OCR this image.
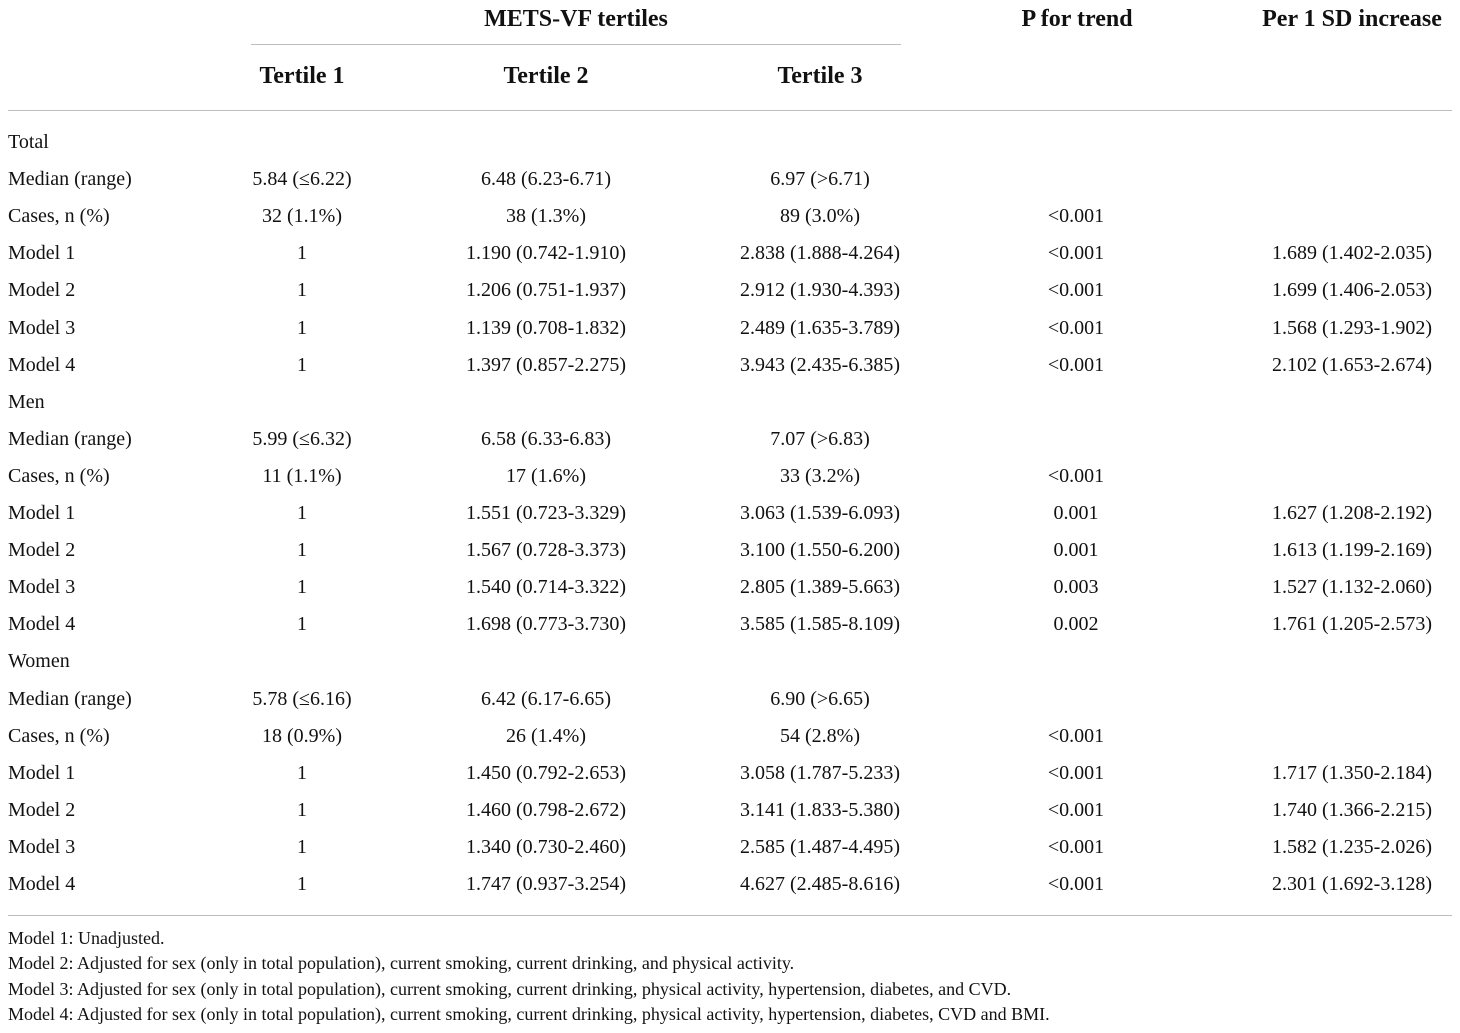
METS-VF tertiles	P for trend	Per 1 SD increase
Tertile 1	Tertile 2	Tertile 3
Total
Median (range)	5.84 (≤6.22)	6.48 (6.23-6.71)	6.97 (>6.71)
Cases, n (%)	32 (1.1%)	38 (1.3%)	89 (3.0%)	<0.001
Model 1	1	1.190 (0.742-1.910)	2.838 (1.888-4.264)	<0.001	1.689 (1.402-2.035)
Model 2	1	1.206 (0.751-1.937)	2.912 (1.930-4.393)	<0.001	1.699 (1.406-2.053)
Model 3	1	1.139 (0.708-1.832)	2.489 (1.635-3.789)	<0.001	1.568 (1.293-1.902)
Model 4	1	1.397 (0.857-2.275)	3.943 (2.435-6.385)	<0.001	2.102 (1.653-2.674)
Men
Median (range)	5.99 (≤6.32)	6.58 (6.33-6.83)	7.07 (>6.83)
Cases, n (%)	11 (1.1%)	17 (1.6%)	33 (3.2%)	<0.001
Model 1	1	1.551 (0.723-3.329)	3.063 (1.539-6.093)	0.001	1.627 (1.208-2.192)
Model 2	1	1.567 (0.728-3.373)	3.100 (1.550-6.200)	0.001	1.613 (1.199-2.169)
Model 3	1	1.540 (0.714-3.322)	2.805 (1.389-5.663)	0.003	1.527 (1.132-2.060)
Model 4	1	1.698 (0.773-3.730)	3.585 (1.585-8.109)	0.002	1.761 (1.205-2.573)
Women
Median (range)	5.78 (≤6.16)	6.42 (6.17-6.65)	6.90 (>6.65)
Cases, n (%)	18 (0.9%)	26 (1.4%)	54 (2.8%)	<0.001
Model 1	1	1.450 (0.792-2.653)	3.058 (1.787-5.233)	<0.001	1.717 (1.350-2.184)
Model 2	1	1.460 (0.798-2.672)	3.141 (1.833-5.380)	<0.001	1.740 (1.366-2.215)
Model 3	1	1.340 (0.730-2.460)	2.585 (1.487-4.495)	<0.001	1.582 (1.235-2.026)
Model 4	1	1.747 (0.937-3.254)	4.627 (2.485-8.616)	<0.001	2.301 (1.692-3.128)
Model 1: Unadjusted.
Model 2: Adjusted for sex (only in total population), current smoking, current drinking, and physical activity.
Model 3: Adjusted for sex (only in total population), current smoking, current drinking, physical activity, hypertension, diabetes, and CVD.
Model 4: Adjusted for sex (only in total population), current smoking, current drinking, physical activity, hypertension, diabetes, CVD and BMI.
